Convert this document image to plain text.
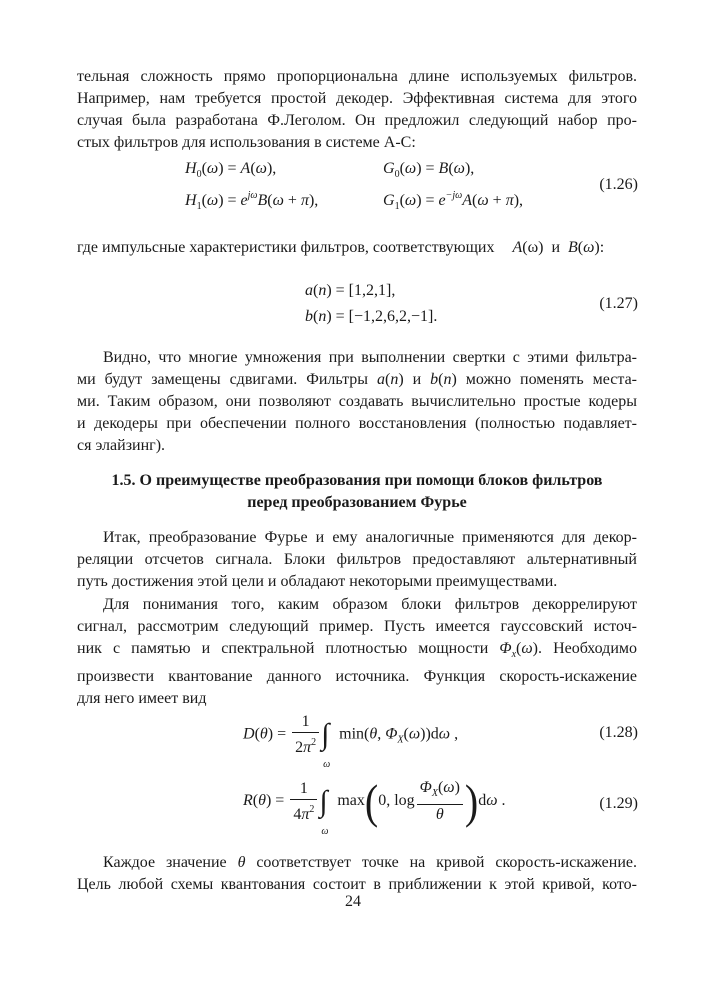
тельная сложность прямо пропорциональна длине используемых фильтров.
Например, нам требуется простой декодер. Эффективная система для этого
случая была разработана Ф.Леголом. Он предложил следующий набор про-
стых фильтров для использования в системе А-С:
$H_0(\omega) = A(\omega)$,	$G_0(\omega) = B(\omega)$,
$H_1(\omega) = e^{j\omega}B(\omega + \pi)$,	$G_1(\omega) = e^{-j\omega}A(\omega + \pi)$,
(1.26)
где импульсные характеристики фильтров, соответствующих A(ω) и B(ω):
a(n) = [1,2,1],
b(n) = [−1,2,6,2,−1].
(1.27)
Видно, что многие умножения при выполнении свертки с этими фильтра-
ми будут замещены сдвигами. Фильтры a(n) и b(n) можно поменять места-
ми. Таким образом, они позволяют создавать вычислительно простые кодеры
и декодеры при обеспечении полного восстановления (полностью подавляет-
ся элайзинг).
1.5. О преимуществе преобразования при помощи блоков фильтров
перед преобразованием Фурье
Итак, преобразование Фурье и ему аналогичные применяются для декор-
реляции отсчетов сигнала. Блоки фильтров предоставляют альтернативный
путь достижения этой цели и обладают некоторыми преимуществами.
Для понимания того, каким образом блоки фильтров декоррелируют
сигнал, рассмотрим следующий пример. Пусть имеется гауссовский источ-
ник с памятью и спектральной плотностью мощности $\Phi_x(\omega)$. Необходимо
произвести квантование данного источника. Функция скорость-искажение
для него имеет вид
$D(\theta) = \frac{1}{2\pi^2}$ ∫
ω
min(θ, $\Phi_X(\omega))d\omega$ ,	(1.28)
$R(\theta) = \frac{1}{4\pi^2}$ ∫
ω
max(0, $\log \frac{\Phi_X(\omega)}{\theta} )d\omega$ .	(1.29)
Каждое значение θ соответствует точке на кривой скорость-искажение.
Цель любой схемы квантования состоит в приближении к этой кривой, кото-
24
